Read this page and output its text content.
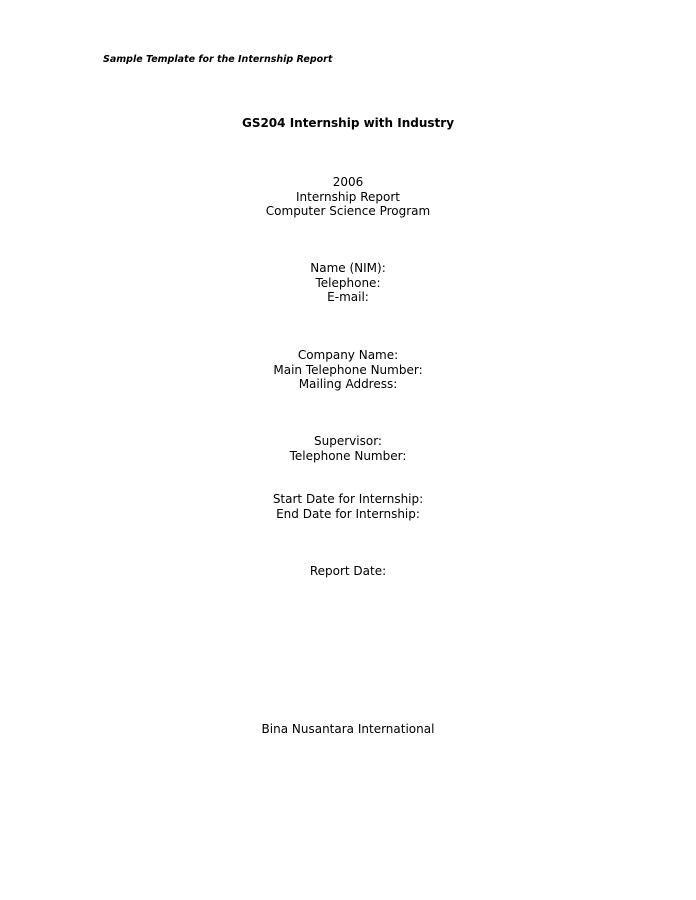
Sample Template for the Internship Report
GS204 Internship with Industry
2006
Internship Report
Computer Science Program
Name (NIM):
Telephone:
E-mail:
Company Name:
Main Telephone Number:
Mailing Address:
Supervisor:
Telephone Number:
Start Date for Internship:
End Date for Internship:
Report Date:
Bina Nusantara International
